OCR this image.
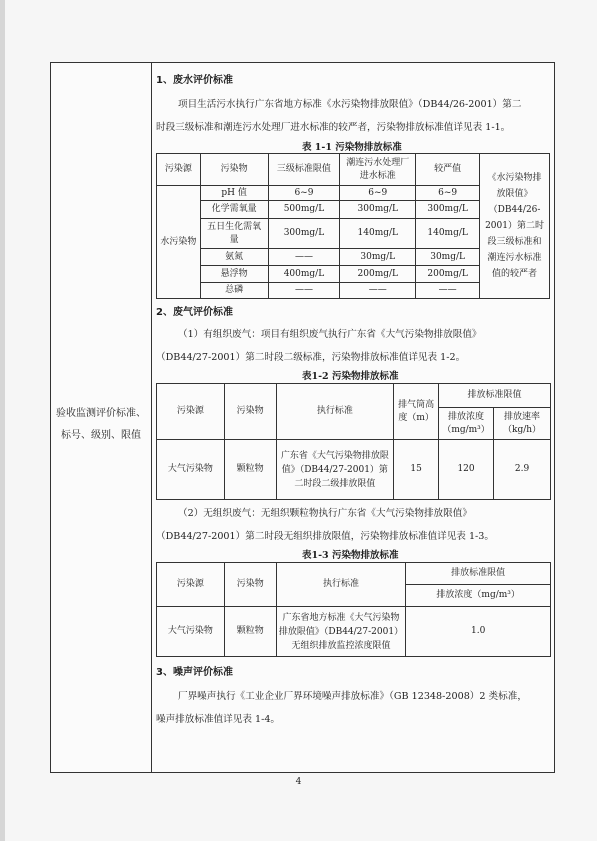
验收监测评价标准、标号、级别、限值
1、废水评价标准
项目生活污水执行广东省地方标准《水污染物排放限值》（DB44/26-2001）第二
时段三级标准和潮连污水处理厂进水标准的较严者，污染物排放标准值详见表 1-1。
表 1-1 污染物排放标准
污染源	污染物	三级标准限值	潮连污水处理厂进水标准	较严值	《水污染物排放限值》（DB44/26-2001）第二时段三级标准和潮连污水标准值的较严者
水污染物	pH 值	6~9	6~9	6~9	
	化学需氧量	500mg/L	300mg/L	300mg/L	
	五日生化需氧量	300mg/L	140mg/L	140mg/L	
	氨氮	——	30mg/L	30mg/L	
	悬浮物	400mg/L	200mg/L	200mg/L	
	总磷	——	——	——	
2、废气评价标准
（1）有组织废气：项目有组织废气执行广东省《大气污染物排放限值》
（DB44/27-2001）第二时段二级标准，污染物排放标准值详见表 1-2。
表1-2 污染物排放标准
污染源	污染物	执行标准	排气筒高度（m）	排放标准限值	
				排放浓度（mg/m³）	排放速率（kg/h）
大气污染物	颗粒物	广东省《大气污染物排放限值》（DB44/27-2001）第二时段二级排放限值	15	120	2.9
（2）无组织废气：无组织颗粒物执行广东省《大气污染物排放限值》
（DB44/27-2001）第二时段无组织排放限值，污染物排放标准值详见表 1-3。
表1-3 污染物排放标准
污染源	污染物	执行标准	排放标准限值
			排放浓度（mg/m³）
大气污染物	颗粒物	广东省地方标准《大气污染物排放限值》（DB44/27-2001）无组织排放监控浓度限值	1.0
3、噪声评价标准
厂界噪声执行《工业企业厂界环境噪声排放标准》（GB 12348-2008）2 类标准，
噪声排放标准值详见表 1-4。
4
